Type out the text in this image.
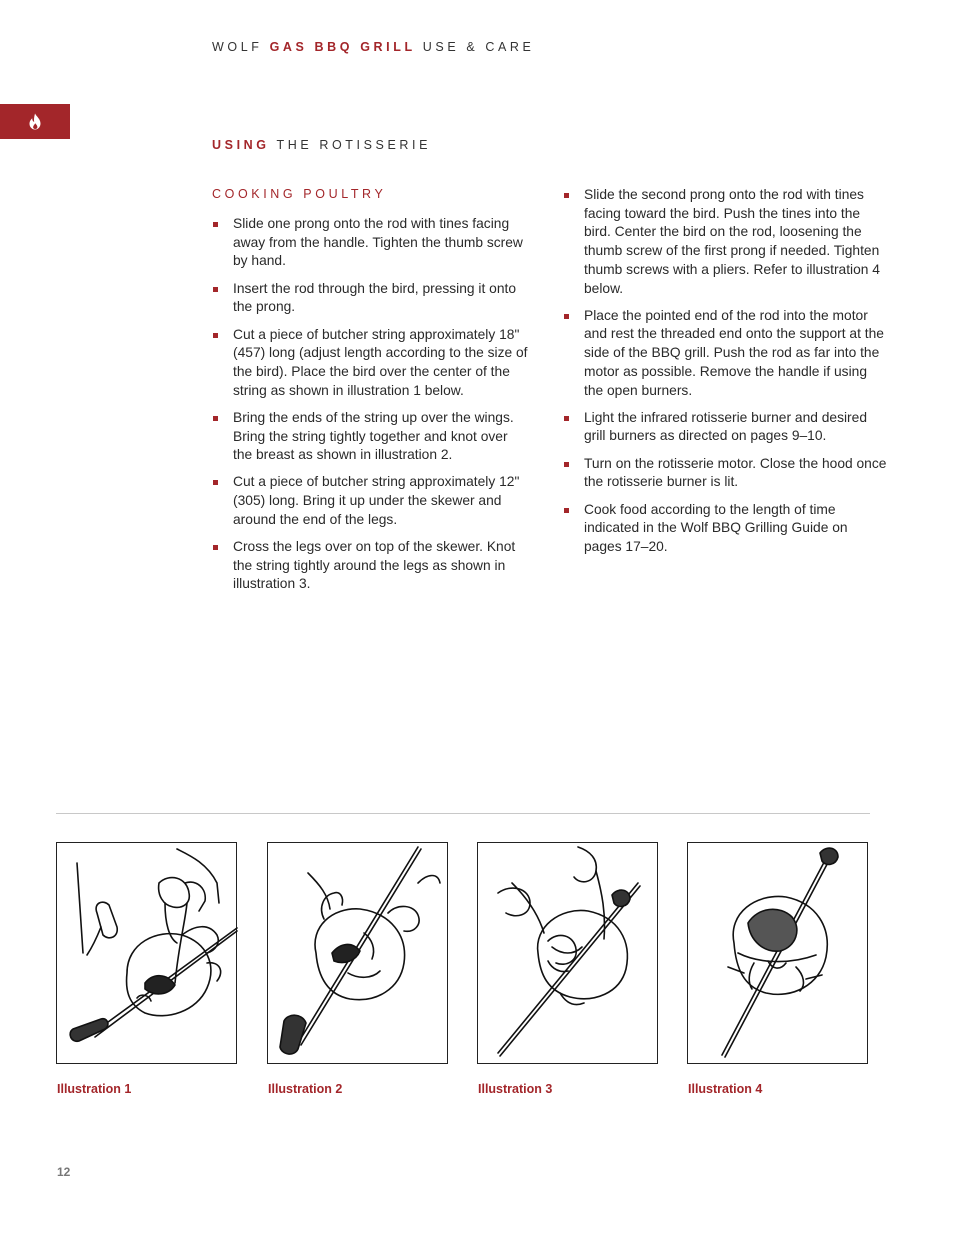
WOLF GAS BBQ GRILL USE & CARE
USING THE ROTISSERIE
COOKING POULTRY
Slide one prong onto the rod with tines facing away from the handle. Tighten the thumb screw by hand.
Insert the rod through the bird, pressing it onto the prong.
Cut a piece of butcher string approximately 18" (457) long (adjust length according to the size of the bird). Place the bird over the center of the string as shown in illustration 1 below.
Bring the ends of the string up over the wings. Bring the string tightly together and knot over the breast as shown in illustration 2.
Cut a piece of butcher string approximately 12" (305) long. Bring it up under the skewer and around the end of the legs.
Cross the legs over on top of the skewer. Knot the string tightly around the legs as shown in illustration 3.
Slide the second prong onto the rod with tines facing toward the bird. Push the tines into the bird. Center the bird on the rod, loosening the thumb screw of the first prong if needed. Tighten thumb screws with a pliers. Refer to illustration 4 below.
Place the pointed end of the rod into the motor and rest the threaded end onto the support at the side of the BBQ grill. Push the rod as far into the motor as possible. Remove the handle if using the open burners.
Light the infrared rotisserie burner and desired grill burners as directed on pages 9–10.
Turn on the rotisserie motor. Close the hood once the rotisserie burner is lit.
Cook food according to the length of time indicated in the Wolf BBQ Grilling Guide on pages 17–20.
Illustration 1	Illustration 2	Illustration 3	Illustration 4
12
